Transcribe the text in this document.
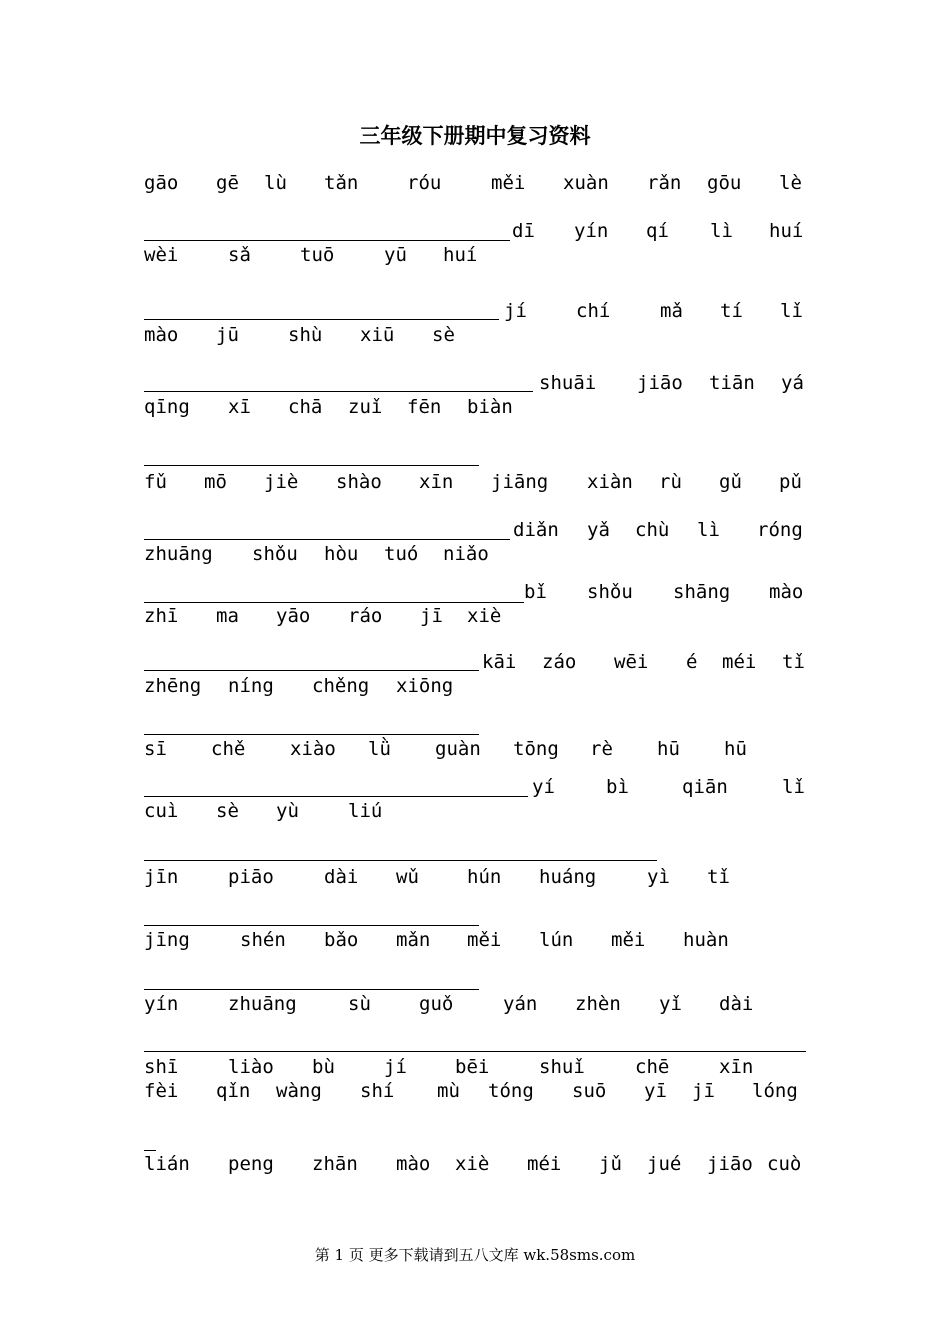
三年级下册期中复习资料
gāo gē lù tǎn	róu	měi xuàn rǎn gōu lè
dī yín qí lì huí
wèi	sǎ	tuō	yū huí
jí	chí	mǎ tí lǐ
mào jū	shù xiū sè
shuāi jiāo tiān yá
qīng xī chā zuǐ fēn biàn
fǔ mō jiè shào xīn jiāng xiàn rù gǔ pǔ
diǎn yǎ chù lì róng
zhuāng shǒu hòu tuó niǎo
bǐ shǒu shāng mào
zhī ma yāo ráo jī xiè
kāi záo wēi é méi tǐ
zhēng níng chěng xiōng
sī chě xiào lǜ guàn tōng rè hū hū
yí	bì	qiān	lǐ
cuì sè yù	liú
jīn	piāo	dài wǔ	hún huáng	yì tǐ
jīng	shén bǎo mǎn měi lún měi huàn
yín	zhuāng	sù	guǒ	yán zhèn yǐ dài
shī	liào bù	jí	bēi	shuǐ	chē	xīn
fèi qǐn wàng shí mù tóng suō yī jī lóng
lián peng zhān mào xiè méi jǔ jué jiāo cuò
第 1 页 更多下载请到五八文库 wk.58sms.com
